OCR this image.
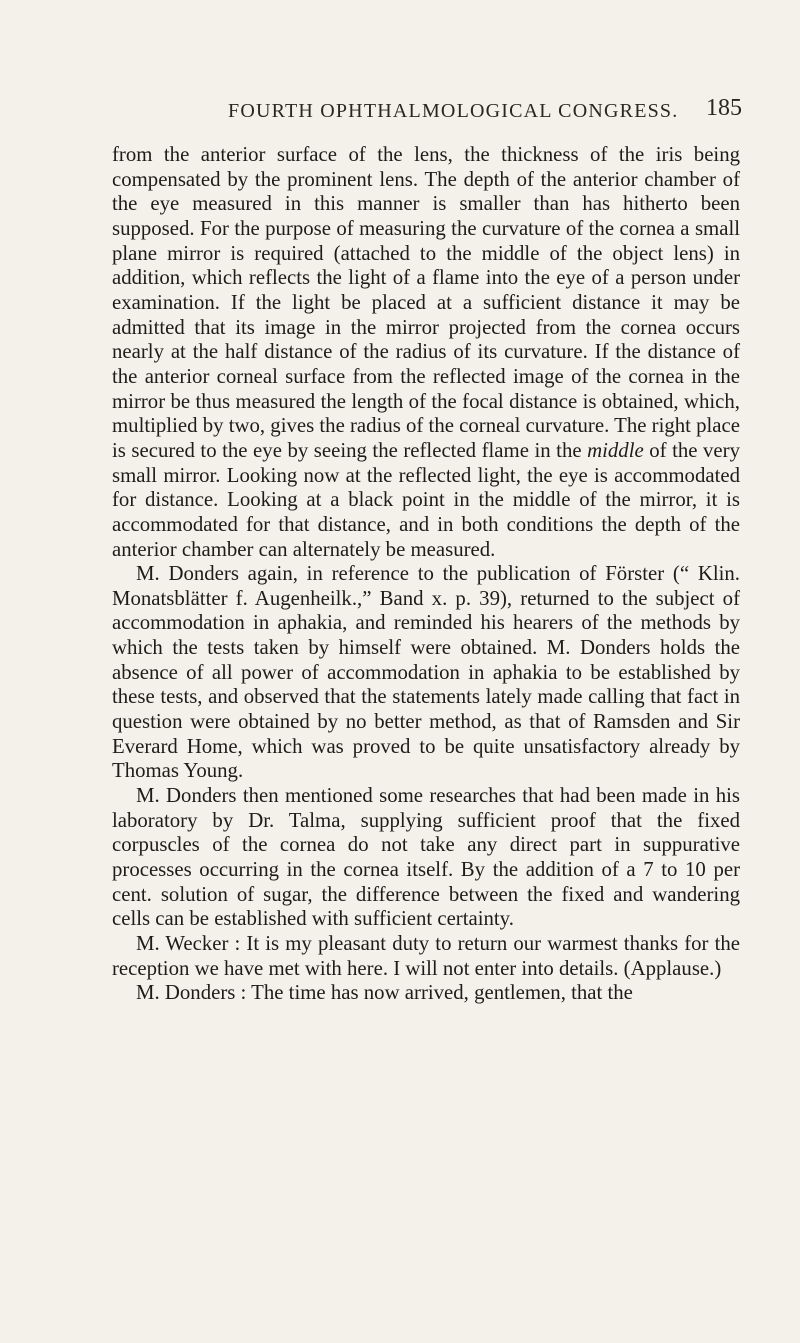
FOURTH OPHTHALMOLOGICAL CONGRESS.	185

from the anterior surface of the lens, the thickness of the iris being compensated by the prominent lens. The depth of the anterior chamber of the eye measured in this manner is smaller than has hitherto been supposed. For the purpose of measuring the curvature of the cornea a small plane mirror is required (attached to the middle of the object lens) in addition, which reflects the light of a flame into the eye of a person under examination. If the light be placed at a sufficient distance it may be admitted that its image in the mirror projected from the cornea occurs nearly at the half distance of the radius of its curvature. If the distance of the anterior corneal surface from the reflected image of the cornea in the mirror be thus measured the length of the focal distance is obtained, which, multiplied by two, gives the radius of the corneal curvature. The right place is secured to the eye by seeing the reflected flame in the middle of the very small mirror. Looking now at the reflected light, the eye is accommodated for distance. Looking at a black point in the middle of the mirror, it is accommodated for that distance, and in both conditions the depth of the anterior chamber can alternately be measured.

M. Donders again, in reference to the publication of Förster (“ Klin. Monatsblätter f. Augenheilk.,” Band x. p. 39), returned to the subject of accommodation in aphakia, and reminded his hearers of the methods by which the tests taken by himself were obtained. M. Donders holds the absence of all power of accommodation in aphakia to be established by these tests, and observed that the statements lately made calling that fact in question were obtained by no better method, as that of Ramsden and Sir Everard Home, which was proved to be quite unsatisfactory already by Thomas Young.

M. Donders then mentioned some researches that had been made in his laboratory by Dr. Talma, supplying sufficient proof that the fixed corpuscles of the cornea do not take any direct part in suppurative processes occurring in the cornea itself. By the addition of a 7 to 10 per cent. solution of sugar, the difference between the fixed and wandering cells can be established with sufficient certainty.

M. Wecker : It is my pleasant duty to return our warmest thanks for the reception we have met with here. I will not enter into details. (Applause.)

M. Donders : The time has now arrived, gentlemen, that the
